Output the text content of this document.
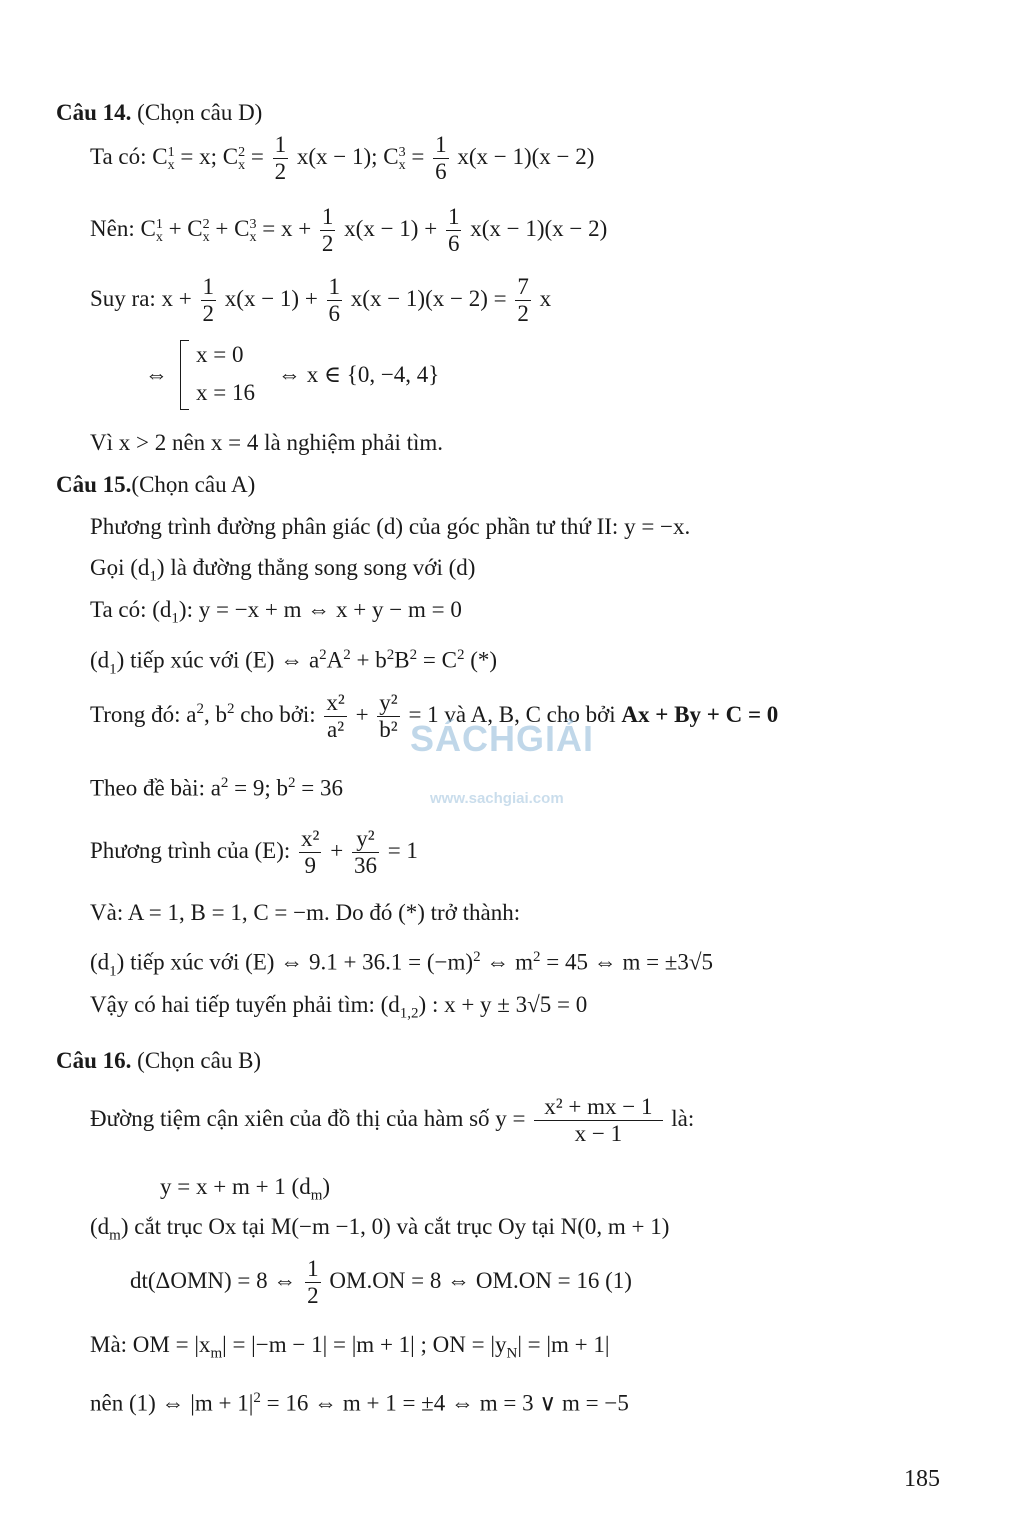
Câu 14. (Chọn câu D)
Ta có: C 1
x = x; C 2
$x = \frac{1}{2} x(x - 1)$; C 3
$x = \frac{1}{6} x(x - 1)(x - 2)$
Nên: C 1
x + C 2
x + C 3
$x = x + \frac{1}{2} x(x - 1) + \frac{1}{6} x(x - 1)(x - 2)$
Suy ra: $x + \frac{1}{2} x(x - 1) + \frac{1}{6} x(x - 1)(x - 2) = \frac{7}{2}$ x
⇔
x = 0
x = 16
⇔ x ∈ {0, −4, 4}
Vì x > 2 nên x = 4 là nghiệm phải tìm.
Câu 15.(Chọn câu A)
Phương trình đường phân giác (d) của góc phần tư thứ II: y = −x.
Gọi $(d_1)$ là đường thẳng song song với (d)
Ta có: $(d_1)$: y = −x + m ⇔ x + y − m = 0
$(d_1)$ tiếp xúc với (E) ⇔ $a^2A^2 + b^2B^2 = C^2$ (*)
Trong đó: $a^2$, $b^2$ cho bởi: $\frac{\text{x²}}{\text{a²}} + \frac{\text{y²}}{\text{b²}} = 1$ và A, B, C cho bởi Ax + By + C = 0
Theo đề bài: $a^2 = 9$; $b^2 = 36$
Phương trình của (E): $\frac{\text{x²}}{9} + \frac{\text{y²}}{36} = 1$
Và: A = 1, B = 1, C = −m. Do đó (*) trở thành:
$(d_1)$ tiếp xúc với (E) ⇔ $9.1 + 36.1 = (-m)^2$ ⇔ $m^2 = 45$ ⇔ m = ±3√5
Vậy có hai tiếp tuyến phải tìm: $(d_{1,2})$ : x + y ± 3√5 = 0
Câu 16. (Chọn câu B)
Đường tiệm cận xiên của đồ thị của hàm số $y = \frac{\text{x² + mx − 1}}{x - 1}$ là:
y = x + m + 1 $(d_m)$
$(d_m)$ cắt trục Ox tại M(−m −1, 0) và cắt trục Oy tại N(0, m + 1)
dt(ΔOMN) = 8 ⇔ $\frac{1}{2} OM.ON = 8$ ⇔ OM.ON = 16 (1)
Mà: OM = $|x_m| = |-m - 1| = |m + 1|$ ; ON = $|y_N| = |m + 1|$
nên (1) ⇔ $|m + 1|^2 = 16$ ⇔ m + 1 = ±4 ⇔ m = 3 ∨ m = −5
SÁCHGIẢI
www.sachgiai.com
185
